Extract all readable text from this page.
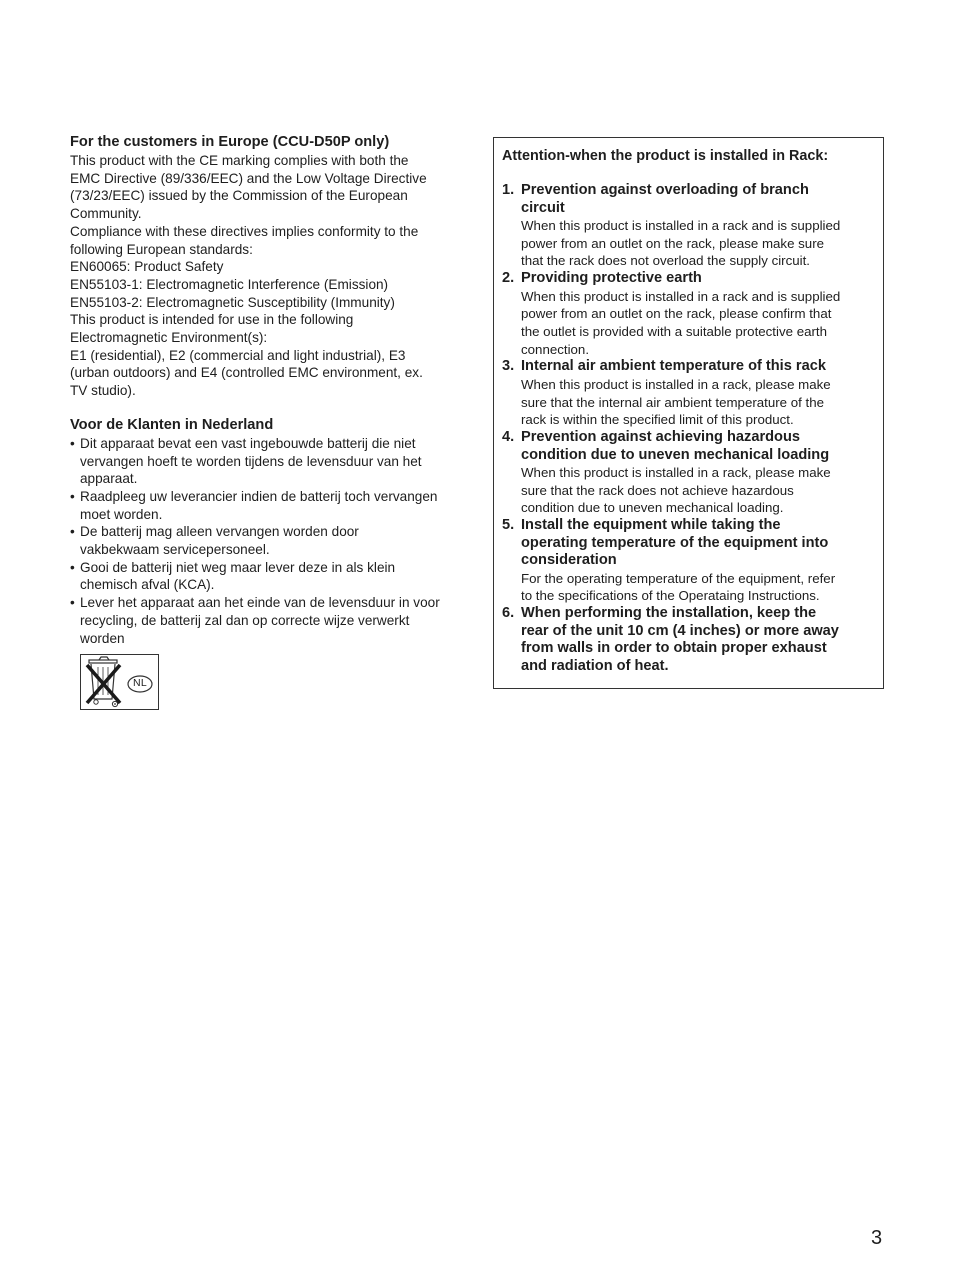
For the customers in Europe (CCU-D50P only)

This product with the CE marking complies with both the

EMC Directive (89/336/EEC) and the Low Voltage Directive

(73/23/EEC) issued by the Commission of the European

Community.

Compliance with these directives implies conformity to the

following European standards:

EN60065: Product Safety

EN55103-1: Electromagnetic Interference (Emission)

EN55103-2: Electromagnetic Susceptibility (Immunity)

This product is intended for use in the following

Electromagnetic Environment(s):

E1 (residential), E2 (commercial and light industrial), E3

(urban outdoors) and E4 (controlled EMC environment, ex.

TV studio).

Voor de Klanten in Nederland

• Dit apparaat bevat een vast ingebouwde batterij die niet
vervangen hoeft te worden tijdens de levensduur van het
apparaat.
• Raadpleeg uw leverancier indien de batterij toch vervangen
moet worden.
• De batterij mag alleen vervangen worden door
vakbekwaam servicepersoneel.
• Gooi de batterij niet weg maar lever deze in als klein
chemisch afval (KCA).
• Lever het apparaat aan het einde van de levensduur in voor
recycling, de batterij zal dan op correcte wijze verwerkt
worden
NL

Attention-when the product is installed in Rack:

1. Prevention against overloading of branch

circuit

When this product is installed in a rack and is supplied

power from an outlet on the rack, please make sure

that the rack does not overload the supply circuit.

2. Providing protective earth

When this product is installed in a rack and is supplied

power from an outlet on the rack, please confirm that

the outlet is provided with a suitable protective earth

connection.

3. Internal air ambient temperature of this rack

When this product is installed in a rack, please make

sure that the internal air ambient temperature of the

rack is within the specified limit of this product.

4. Prevention against achieving hazardous

condition due to uneven mechanical loading

When this product is installed in a rack, please make

sure that the rack does not achieve hazardous

condition due to uneven mechanical loading.

5. Install the equipment while taking the

operating temperature of the equipment into

consideration

For the operating temperature of the equipment, refer

to the specifications of the Operataing Instructions.

6. When performing the installation, keep the

rear of the unit 10 cm (4 inches) or more away

from walls in order to obtain proper exhaust

and radiation of heat.

3
